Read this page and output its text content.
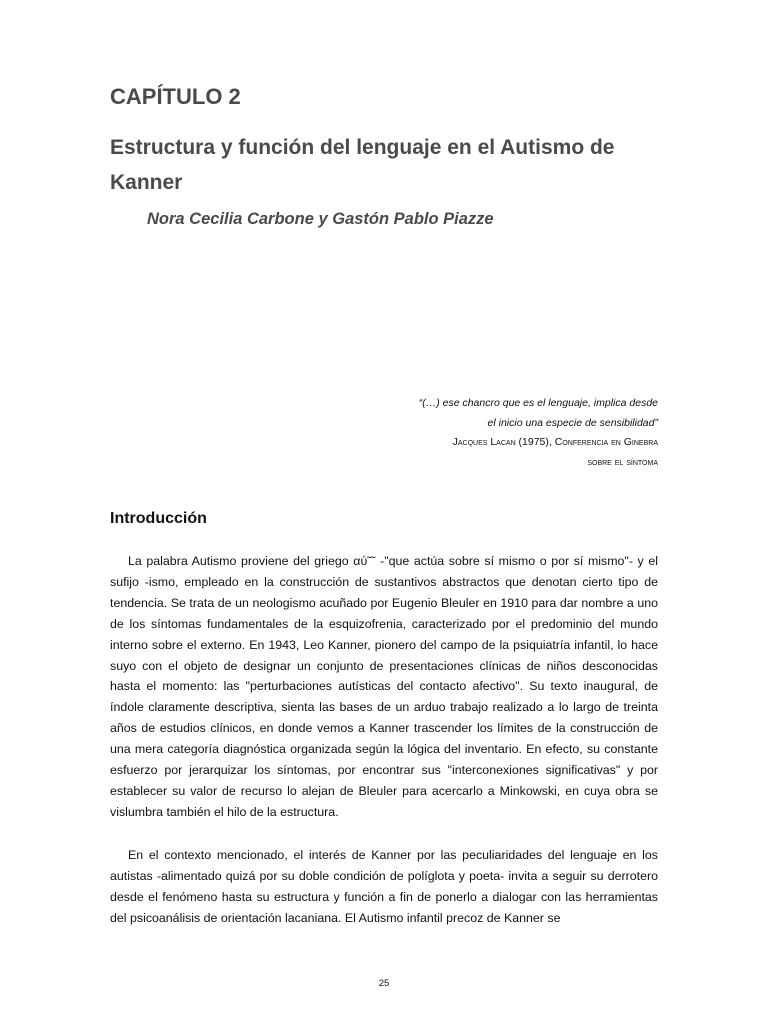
CAPÍTULO 2
Estructura y función del lenguaje en el Autismo de Kanner
Nora Cecilia Carbone y Gastón Pablo Piazze
“(…) ese chancro que es el lenguaje, implica desde
el inicio una especie de sensibilidad”
Jacques Lacan (1975), Conferencia en Ginebra
sobre el síntoma
Introducción

La palabra Autismo proviene del griego αύ˜˜ -"que actúa sobre sí mismo o por sí mismo"- y el sufijo -ismo, empleado en la construcción de sustantivos abstractos que denotan cierto tipo de tendencia. Se trata de un neologismo acuñado por Eugenio Bleuler en 1910 para dar nombre a uno de los síntomas fundamentales de la esquizofrenia, caracterizado por el predominio del mundo interno sobre el externo. En 1943, Leo Kanner, pionero del campo de la psiquiatría infantil, lo hace suyo con el objeto de designar un conjunto de presentaciones clínicas de niños desconocidas hasta el momento: las "perturbaciones autísticas del contacto afectivo". Su texto inaugural, de índole claramente descriptiva, sienta las bases de un arduo trabajo realizado a lo largo de treinta años de estudios clínicos, en donde vemos a Kanner trascender los límites de la construcción de una mera categoría diagnóstica organizada según la lógica del inventario. En efecto, su constante esfuerzo por jerarquizar los síntomas, por encontrar sus "interconexiones significativas" y por establecer su valor de recurso lo alejan de Bleuler para acercarlo a Minkowski, en cuya obra se vislumbra también el hilo de la estructura.

En el contexto mencionado, el interés de Kanner por las peculiaridades del lenguaje en los autistas -alimentado quizá por su doble condición de políglota y poeta- invita a seguir su derrotero desde el fenómeno hasta su estructura y función a fin de ponerlo a dialogar con las herramientas del psicoanálisis de orientación lacaniana. El Autismo infantil precoz de Kanner se

25
